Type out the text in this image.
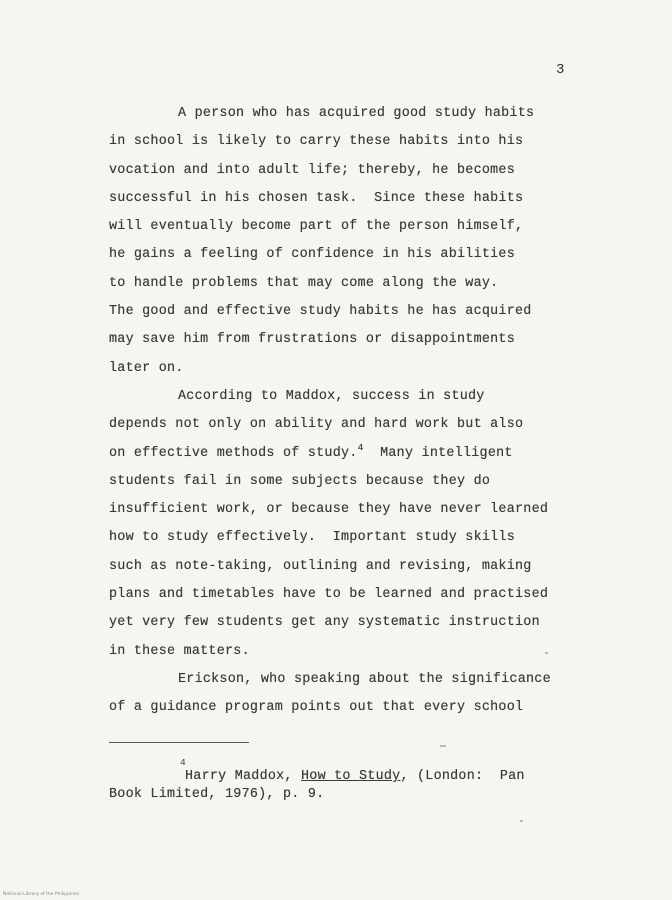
3
A person who has acquired good study habits
in school is likely to carry these habits into his
vocation and into adult life; thereby, he becomes
successful in his chosen task.  Since these habits
will eventually become part of the person himself,
he gains a feeling of confidence in his abilities
to handle problems that may come along the way.
The good and effective study habits he has acquired
may save him from frustrations or disappointments
later on.
According to Maddox, success in study
depends not only on ability and hard work but also
on effective methods of study.$^4$  Many intelligent
students fail in some subjects because they do
insufficient work, or because they have never learned
how to study effectively.  Important study skills
such as note-taking, outlining and revising, making
plans and timetables have to be learned and practised
yet very few students get any systematic instruction
in these matters.
Erickson, who speaking about the significance
of a guidance program points out that every school
4
Harry Maddox, How to Study, (London:  Pan
Book Limited, 1976), p. 9.
National Library of the Philippines
